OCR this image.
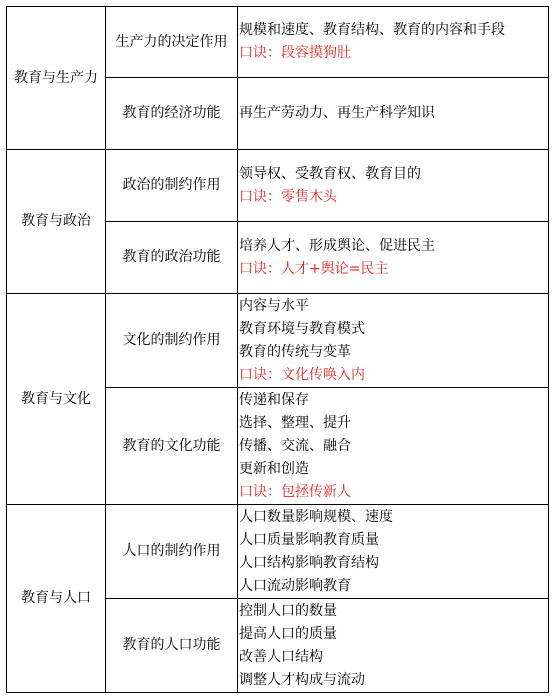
教育与生产力	生产力的决定作用	规模和速度、教育结构、教育的内容和手段
口诀：段容摸狗肚

	教育的经济功能	再生产劳动力、再生产科学知识

教育与政治	政治的制约作用	领导权、受教育权、教育目的
口诀：零售木头

	教育的政治功能	培养人才、形成舆论、促进民主
口诀：人才+舆论=民主

教育与文化	文化的制约作用	内容与水平
教育环境与教育模式
教育的传统与变革
口诀：文化传唤入内

	教育的文化功能	传递和保存
选择、整理、提升
传播、交流、融合
更新和创造
口诀：包拯传新人

教育与人口	人口的制约作用	人口数量影响规模、速度
人口质量影响教育质量
人口结构影响教育结构
人口流动影响教育

	教育的人口功能	控制人口的数量
提高人口的质量
改善人口结构
调整人才构成与流动
